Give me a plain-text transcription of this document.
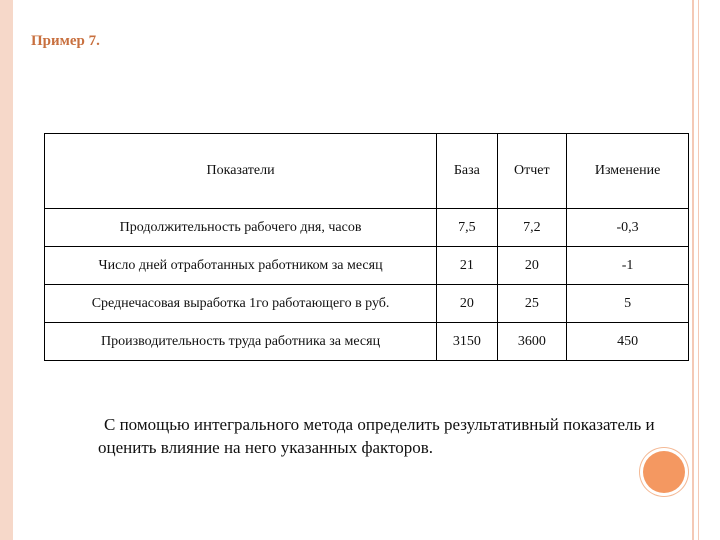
Пример 7.
Показатели	База	Отчет	Изменение
Продолжительность рабочего дня, часов	7,5	7,2	-0,3
Число дней отработанных работником за месяц	21	20	-1
Среднечасовая выработка 1го работающего в руб.	20	25	5
Производительность труда работника за месяц	3150	3600	450
С помощью интегрального метода определить результативный показатель и оценить влияние на него указанных факторов.
